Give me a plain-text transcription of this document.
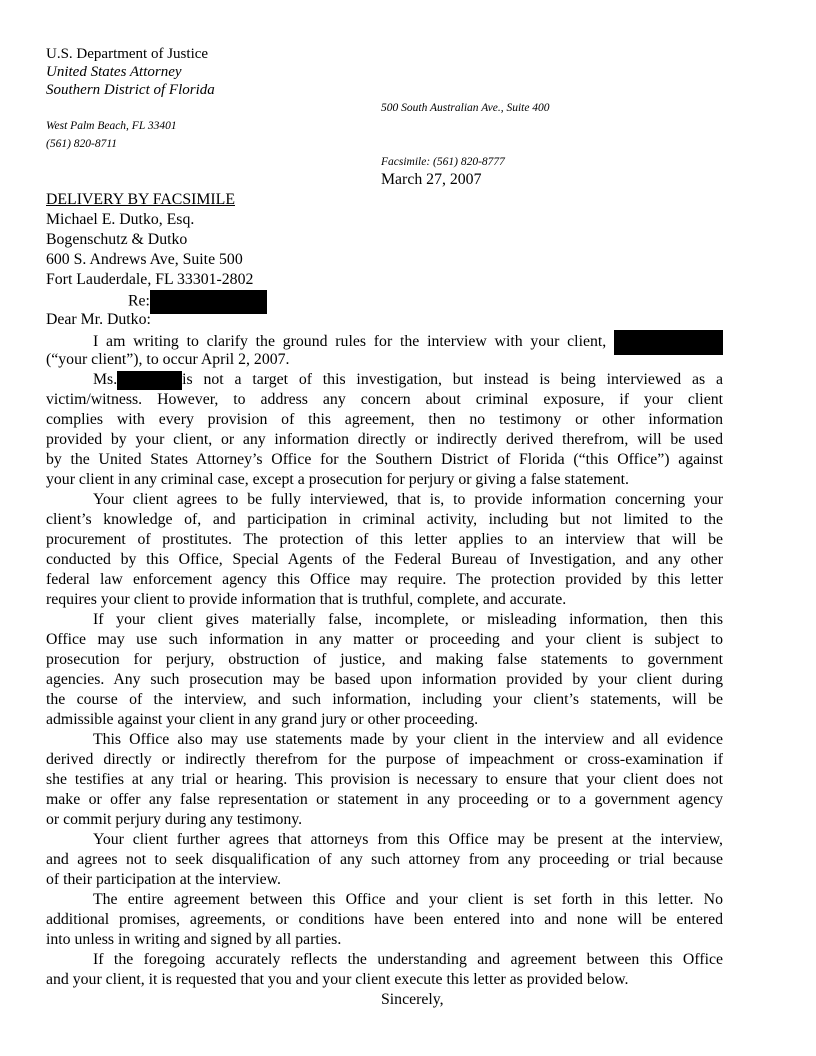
U.S. Department of Justice
United States Attorney
Southern District of Florida
500 South Australian Ave., Suite 400
West Palm Beach, FL 33401
(561) 820-8711
Facsimile: (561) 820-8777
March 27, 2007
DELIVERY BY FACSIMILE
Michael E. Dutko, Esq.
Bogenschutz & Dutko
600 S. Andrews Ave, Suite 500
Fort Lauderdale, FL 33301-2802
Re:
Dear Mr. Dutko:
I am writing to clarify the ground rules for the interview with your client,
(“your client”), to occur April 2, 2007.
Ms.	is not a target of this investigation, but instead is being interviewed as a
victim/witness. However, to address any concern about criminal exposure, if your client
complies with every provision of this agreement, then no testimony or other information
provided by your client, or any information directly or indirectly derived therefrom, will be used
by the United States Attorney’s Office for the Southern District of Florida (“this Office”) against
your client in any criminal case, except a prosecution for perjury or giving a false statement.
Your client agrees to be fully interviewed, that is, to provide information concerning your
client’s knowledge of, and participation in criminal activity, including but not limited to the
procurement of prostitutes. The protection of this letter applies to an interview that will be
conducted by this Office, Special Agents of the Federal Bureau of Investigation, and any other
federal law enforcement agency this Office may require. The protection provided by this letter
requires your client to provide information that is truthful, complete, and accurate.
If your client gives materially false, incomplete, or misleading information, then this
Office may use such information in any matter or proceeding and your client is subject to
prosecution for perjury, obstruction of justice, and making false statements to government
agencies. Any such prosecution may be based upon information provided by your client during
the course of the interview, and such information, including your client’s statements, will be
admissible against your client in any grand jury or other proceeding.
This Office also may use statements made by your client in the interview and all evidence
derived directly or indirectly therefrom for the purpose of impeachment or cross-examination if
she testifies at any trial or hearing. This provision is necessary to ensure that your client does not
make or offer any false representation or statement in any proceeding or to a government agency
or commit perjury during any testimony.
Your client further agrees that attorneys from this Office may be present at the interview,
and agrees not to seek disqualification of any such attorney from any proceeding or trial because
of their participation at the interview.
The entire agreement between this Office and your client is set forth in this letter. No
additional promises, agreements, or conditions have been entered into and none will be entered
into unless in writing and signed by all parties.
If the foregoing accurately reflects the understanding and agreement between this Office
and your client, it is requested that you and your client execute this letter as provided below.
Sincerely,
